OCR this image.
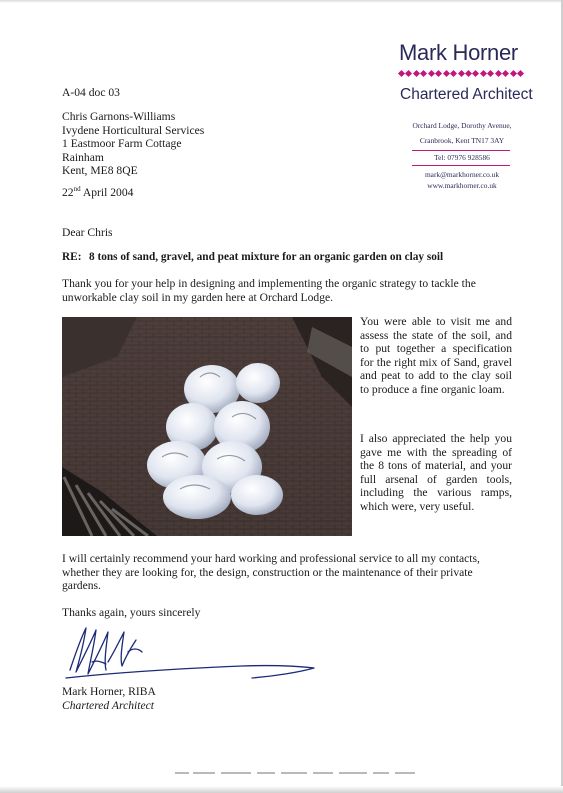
Mark Horner
Chartered Architect
Orchard Lodge, Dorothy Avenue,
Cranbrook, Kent TN17 3AY
Tel: 07976 928586
mark@markhorner.co.uk
www.markhorner.co.uk
A-04 doc 03
Chris Garnons-Williams
Ivydene Horticultural Services
1 Eastmoor Farm Cottage
Rainham
Kent, ME8 8QE
22nd April 2004
Dear Chris
RE: 8 tons of sand, gravel, and peat mixture for an organic garden on clay soil
Thank you for your help in designing and implementing the organic strategy to tackle the unworkable clay soil in my garden here at Orchard Lodge.
You were able to visit me and assess the state of the soil, and to put together a specification for the right mix of Sand, gravel and peat to add to the clay soil to produce a fine organic loam.
I also appreciated the help you gave me with the spreading of the 8 tons of material, and your full arsenal of garden tools, including the various ramps, which were, very useful.
I will certainly recommend your hard working and professional service to all my contacts, whether they are looking for, the design, construction or the maintenance of their private gardens.
Thanks again, yours sincerely
Mark Horner, RIBA
Chartered Architect
